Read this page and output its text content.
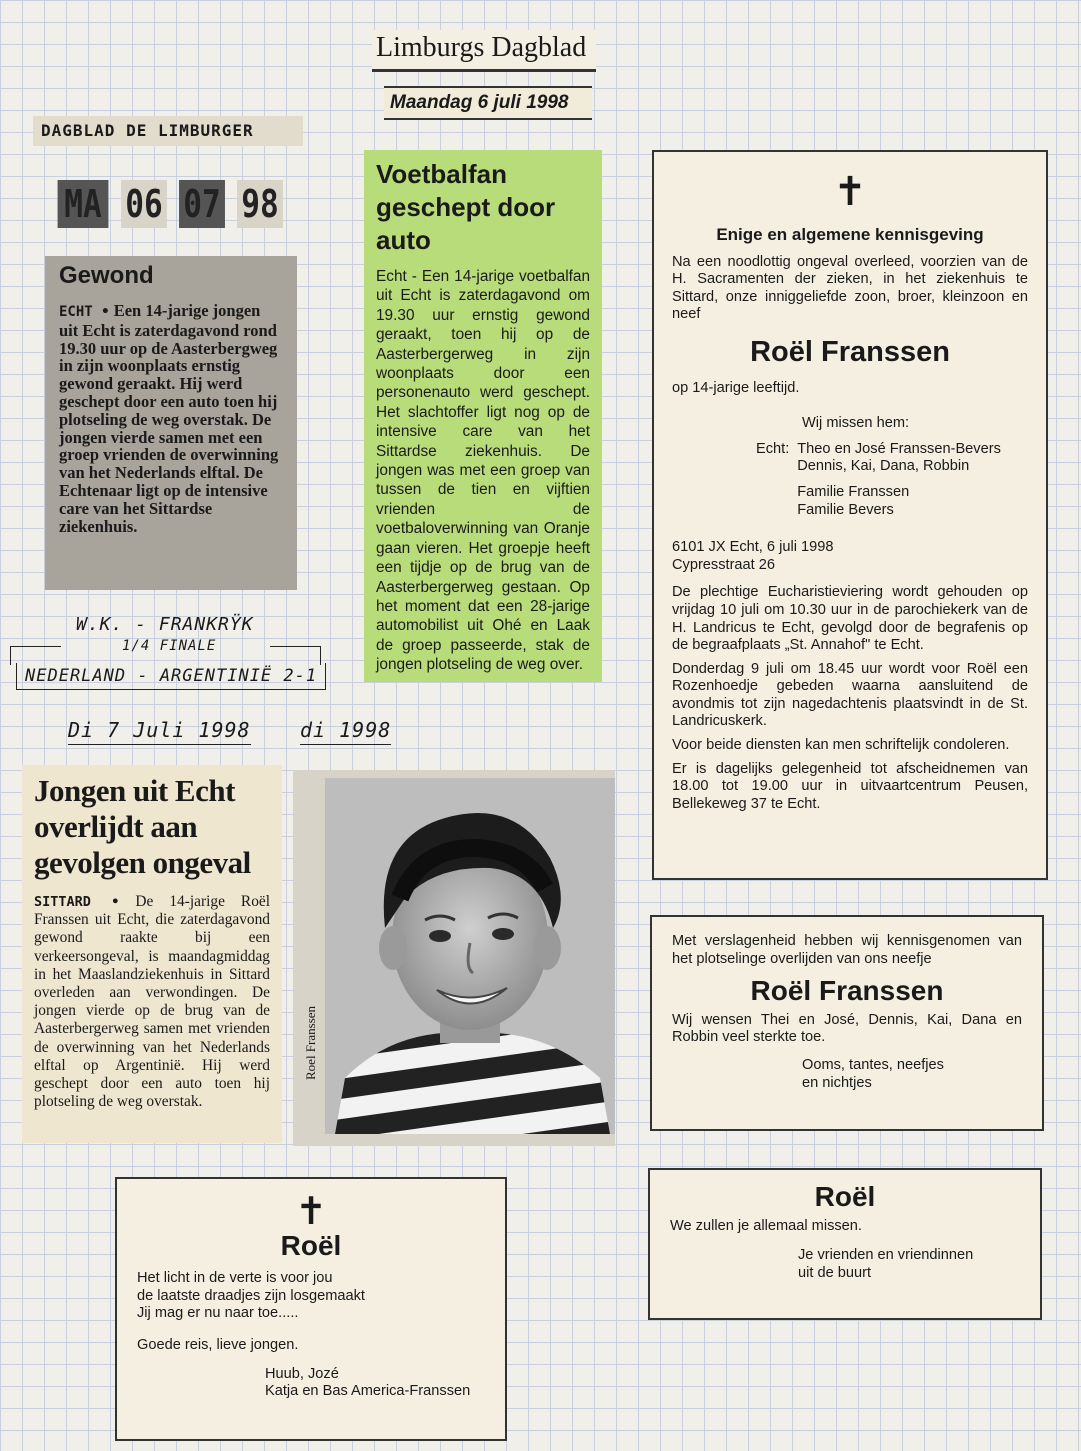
Limburgs Dagblad
Maandag 6 juli 1998
DAGBLAD DE LIMBURGER
MA 06 07 98
Gewond

ECHT • Een 14-jarige jongen uit Echt is zaterdagavond rond 19.30 uur op de Aasterbergweg in zijn woonplaats ernstig gewond geraakt. Hij werd geschept door een auto toen hij plotseling de weg overstak. De jongen vierde samen met een groep vrienden de overwinning van het Nederlands elftal. De Echtenaar ligt op de intensive care van het Sittardse ziekenhuis.

W.K. - FRANKRŸK
1/4 FINALE
NEDERLAND - ARGENTINIË 2-1
Voetbalfan geschept door auto

Echt - Een 14-jarige voetbalfan uit Echt is zaterdagavond om 19.30 uur ernstig gewond geraakt, toen hij op de Aasterbergerweg in zijn woonplaats door een personenauto werd geschept. Het slachtoffer ligt nog op de intensive care van het Sittardse ziekenhuis. De jongen was met een groep van tussen de tien en vijftien vrienden de voetbaloverwinning van Oranje gaan vieren. Het groepje heeft een tijdje op de brug van de Aasterbergerweg gestaan. Op het moment dat een 28-jarige automobilist uit Ohé en Laak de groep passeerde, stak de jongen plotseling de weg over.

Di 7 Juli 1998 di 1998
Jongen uit Echt overlijdt aan gevolgen ongeval

SITTARD • De 14-jarige Roël Franssen uit Echt, die zaterdagavond gewond raakte bij een verkeersongeval, is maandagmiddag in het Maaslandziekenhuis in Sittard overleden aan verwondingen. De jongen vierde op de brug van de Aasterbergerweg samen met vrienden de overwinning van het Nederlands elftal op Argentinië. Hij werd geschept door een auto toen hij plotseling de weg overstak.

Roel Franssen
✝
Enige en algemene kennisgeving

Na een noodlottig ongeval overleed, voorzien van de H. Sacramenten der zieken, in het ziekenhuis te Sittard, onze inniggeliefde zoon, broer, kleinzoon en neef

Roël Franssen

op 14-jarige leeftijd.

Wij missen hem:

Echt: Theo en José Franssen-Bevers
Dennis, Kai, Dana, Robbin
Familie Franssen
Familie Bevers

6101 JX Echt, 6 juli 1998

Cypresstraat 26

De plechtige Eucharistieviering wordt gehouden op vrijdag 10 juli om 10.30 uur in de parochiekerk van de H. Landricus te Echt, gevolgd door de begrafenis op de begraafplaats „St. Annahof" te Echt.

Donderdag 9 juli om 18.45 uur wordt voor Roël een Rozenhoedje gebeden waarna aansluitend de avondmis tot zijn nagedachtenis plaatsvindt in de St. Landricuskerk.

Voor beide diensten kan men schriftelijk condoleren.

Er is dagelijks gelegenheid tot afscheidnemen van 18.00 tot 19.00 uur in uitvaartcentrum Peusen, Bellekeweg 37 te Echt.

Met verslagenheid hebben wij kennisgenomen van het plotselinge overlijden van ons neefje

Roël Franssen

Wij wensen Thei en José, Dennis, Kai, Dana en Robbin veel sterkte toe.

Ooms, tantes, neefjes
en nichtjes
Roël
We zullen je allemaal missen.
Je vrienden en vriendinnen
uit de buurt
✝
Roël
Het licht in de verte is voor jou
de laatste draadjes zijn losgemaakt
Jij mag er nu naar toe.....
Goede reis, lieve jongen.
Huub, Jozé
Katja en Bas America-Franssen
